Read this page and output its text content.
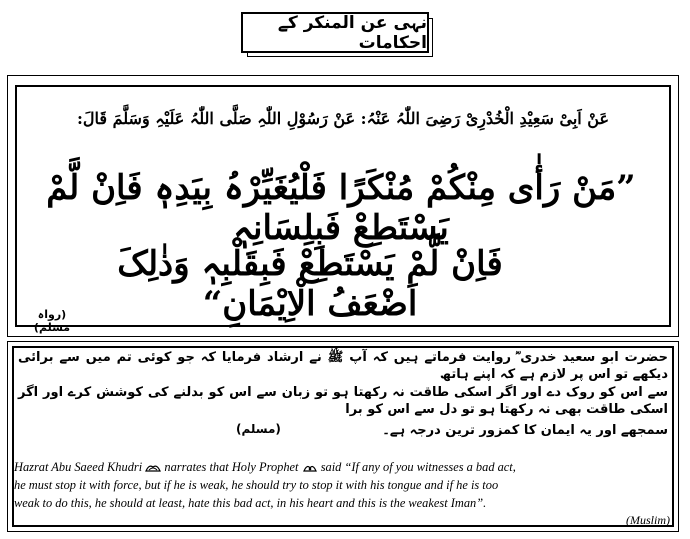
نہی عن المنکر کے احکامات
عَنْ اَبِیْ سَعِیْدِ الْخُدْرِیْ رَضِیَ اللّٰہُ عَنْہُ: عَنْ رَسُوْلِ اللّٰہِ صَلَّی اللّٰہُ عَلَیْہِ وَسَلَّمَ قَالَ:
”مَنْ رَأٰی مِنْکُمْ مُنْکَرًا فَلْیُغَیِّرْہُ بِیَدِہٖ فَاِنْ لَّمْ یَسْتَطِعْ فَبِلِسَانِہٖ
فَاِنْ لَّمْ یَسْتَطِعْ فَبِقَلْبِہٖ وَذٰلِکَ اَضْعَفُ الْاِیْمَانِ“
(رواہ مسلم)
حضرت ابو سعید خدری ؓ روایت فرماتے ہیں کہ آپ ﷺ نے ارشاد فرمایا کہ جو کوئی تم میں سے برائی دیکھے تو اس پر لازم ہے کہ اپنے ہاتھ
سے اس کو روک دے اور اگر اسکی طاقت نہ رکھتا ہو تو زبان سے اس کو بدلنے کی کوشش کرے اور اگر اسکی طاقت بھی نہ رکھتا ہو تو دل سے اس کو برا
سمجھے اور یہ ایمان کا کمزور ترین درجہ ہے۔
(مسلم)

Hazrat Abu Saeed Khudri narrates that Holy Prophet said “If any of you witnesses a bad act,

he must stop it with force, but if he is weak, he should try to stop it with his tongue and if he is too

weak to do this, he should at least, hate this bad act, in his heart and this is the weakest Iman”.

(Muslim)
